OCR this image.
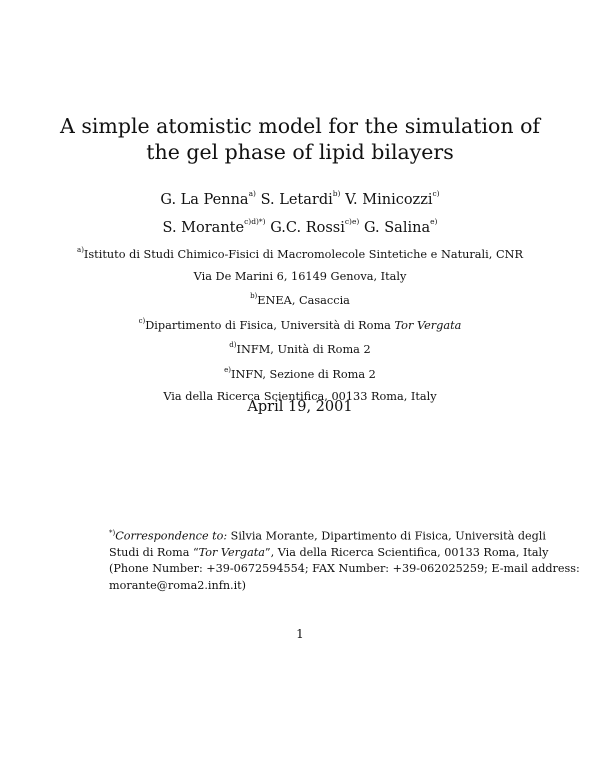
A simple atomistic model for the simulation of
the gel phase of lipid bilayers
G. La Penna$^{a)}$ S. Letardi$^{b)}$ V. Minicozzi$^{c)}$
S. Morante$^{c)d)*)}$ G.C. Rossi$^{c)e)}$ G. Salina$^{e)}$
$^{a)}$Istituto di Studi Chimico-Fisici di Macromolecole Sintetiche e Naturali, CNR
Via De Marini 6, 16149 Genova, Italy
$^{b)}$ENEA, Casaccia
$^{c)}$Dipartimento di Fisica, Università di Roma Tor Vergata
$^{d)}$INFM, Unità di Roma 2
$^{e)}$INFN, Sezione di Roma 2
Via della Ricerca Scientifica, 00133 Roma, Italy
April 19, 2001
*)Correspondence to: Silvia Morante, Dipartimento di Fisica, Università degli
Studi di Roma “Tor Vergata”, Via della Ricerca Scientifica, 00133 Roma, Italy
(Phone Number: +39-0672594554; FAX Number: +39-062025259; E-mail address:
morante@roma2.infn.it)
1
